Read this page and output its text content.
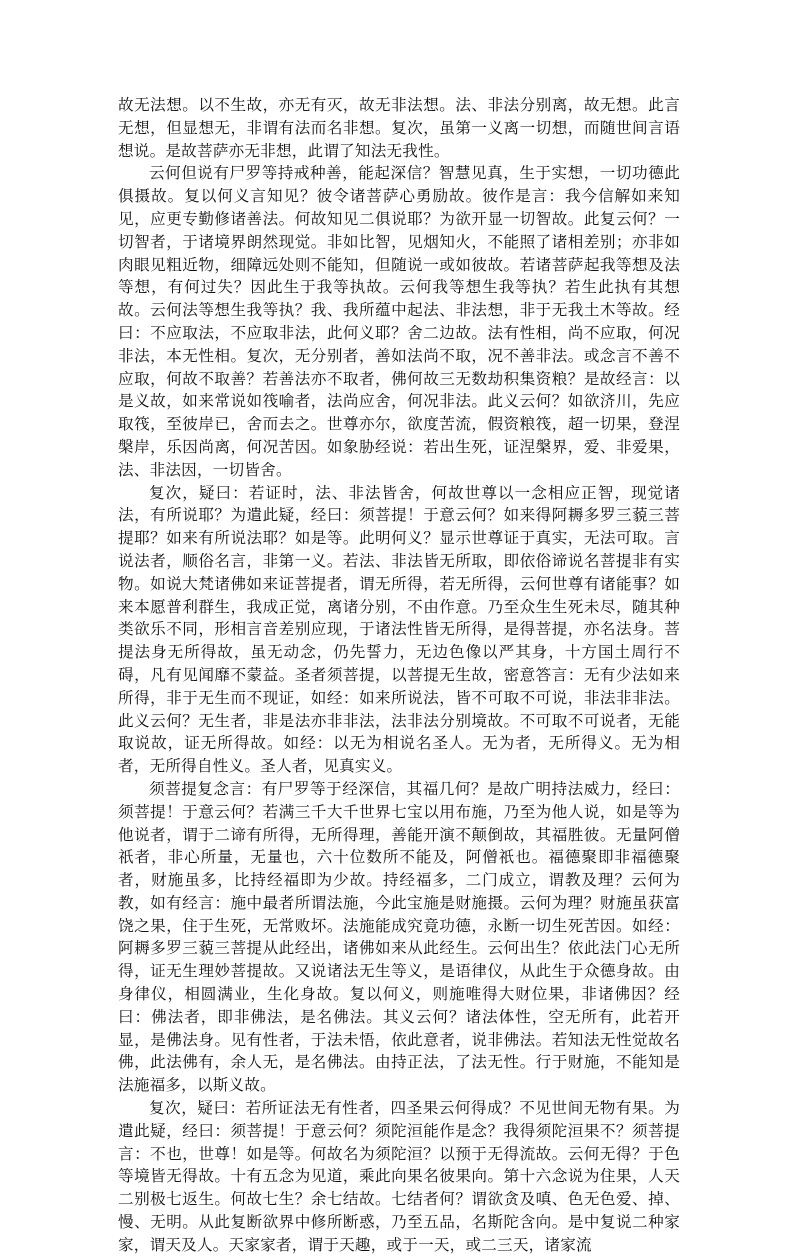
故无法想。以不生故，亦无有灭，故无非法想。法、非法分别离，故无想。此言无想，但显想无，非谓有法而名非想。复次，虽第一义离一切想，而随世间言语想说。是故菩萨亦无非想，此谓了知法无我性。

云何但说有尸罗等持戒种善，能起深信？智慧见真，生于实想，一切功德此俱摄故。复以何义言知见？彼令诸菩萨心勇励故。彼作是言：我今信解如来知见，应更专勤修诸善法。何故知见二俱说耶？为欲开显一切智故。此复云何？一切智者，于诸境界朗然现觉。非如比智，见烟知火，不能照了诸相差别；亦非如肉眼见粗近物，细障远处则不能知，但随说一或如彼故。若诸菩萨起我等想及法等想，有何过失？因此生于我等执故。云何我等想生我等执？若生此执有其想故。云何法等想生我等执？我、我所蕴中起法、非法想，非于无我土木等故。经曰：不应取法，不应取非法，此何义耶？舍二边故。法有性相，尚不应取，何况非法，本无性相。复次，无分别者，善如法尚不取，况不善非法。或念言不善不应取，何故不取善？若善法亦不取者，佛何故三无数劫积集资粮？是故经言：以是义故，如来常说如筏喻者，法尚应舍，何况非法。此义云何？如欲济川，先应取筏，至彼岸已，舍而去之。世尊亦尔，欲度苦流，假资粮筏，超一切果，登涅槃岸，乐因尚离，何况苦因。如象胁经说：若出生死，证涅槃界，爱、非爱果，法、非法因，一切皆舍。

复次，疑曰：若证时，法、非法皆舍，何故世尊以一念相应正智，现觉诸法，有所说耶？为遣此疑，经曰：须菩提！于意云何？如来得阿耨多罗三藐三菩提耶？如来有所说法耶？如是等。此明何义？显示世尊证于真实，无法可取。言说法者，顺俗名言，非第一义。若法、非法皆无所取，即依俗谛说名菩提非有实物。如说大梵诸佛如来证菩提者，谓无所得，若无所得，云何世尊有诸能事？如来本愿普利群生，我成正觉，离诸分别，不由作意。乃至众生生死未尽，随其种类欲乐不同，形相言音差别应现，于诸法性皆无所得，是得菩提，亦名法身。菩提法身无所得故，虽无动念，仍先誓力，无边色像以严其身，十方国土周行不碍，凡有见闻靡不蒙益。圣者须菩提，以菩提无生故，密意答言：无有少法如来所得，非于无生而不现证，如经：如来所说法，皆不可取不可说，非法非非法。此义云何？无生者，非是法亦非非法，法非法分别境故。不可取不可说者，无能取说故，证无所得故。如经：以无为相说名圣人。无为者，无所得义。无为相者，无所得自性义。圣人者，见真实义。

须菩提复念言：有尸罗等于经深信，其福几何？是故广明持法威力，经曰：须菩提！于意云何？若满三千大千世界七宝以用布施，乃至为他人说，如是等为他说者，谓于二谛有所得，无所得理，善能开演不颠倒故，其福胜彼。无量阿僧祇者，非心所量，无量也，六十位数所不能及，阿僧祇也。福德聚即非福德聚者，财施虽多，比持经福即为少故。持经福多，二门成立，谓教及理？云何为教，如有经言：施中最者所谓法施，今此宝施是财施摄。云何为理？财施虽获富饶之果，住于生死，无常败坏。法施能成究竟功德，永断一切生死苦因。如经：阿耨多罗三藐三菩提从此经出，诸佛如来从此经生。云何出生？依此法门心无所得，证无生理妙菩提故。又说诸法无生等义，是语律仪，从此生于众德身故。由身律仪，相圆满业，生化身故。复以何义，则施唯得大财位果，非诸佛因？经曰：佛法者，即非佛法，是名佛法。其义云何？诸法体性，空无所有，此若开显，是佛法身。见有性者，于法未悟，依此意者，说非佛法。若知法无性觉故名佛，此法佛有，余人无，是名佛法。由持正法，了法无性。行于财施，不能知是法施福多，以斯义故。

复次，疑曰：若所证法无有性者，四圣果云何得成？不见世间无物有果。为遣此疑，经曰：须菩提！于意云何？须陀洹能作是念？我得须陀洹果不？须菩提言：不也，世尊！如是等。何故名为须陀洹？以预于无得流故。云何无得？于色等境皆无得故。十有五念为见道，乘此向果名彼果向。第十六念说为住果，人天二别极七返生。何故七生？余七结故。七结者何？谓欲贪及嗔、色无色爱、掉、慢、无明。从此复断欲界中修所断惑，乃至五品，名斯陀含向。是中复说二种家家，谓天及人。天家家者，谓于天趣，或于一天，或二三天，诸家流
